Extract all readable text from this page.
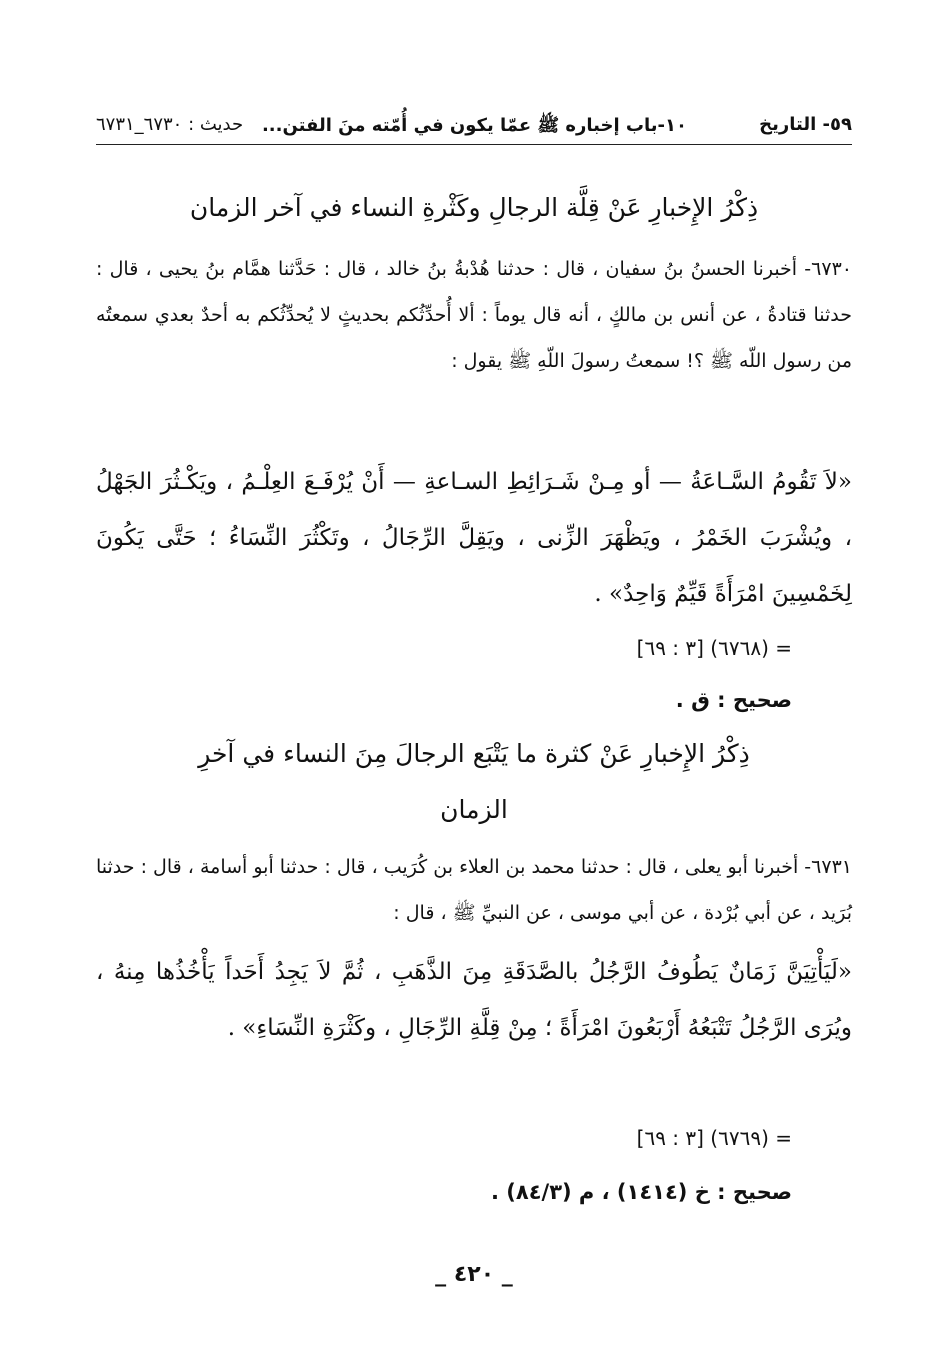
٥٩- التاريخ
١٠-باب إخباره ﷺ عمّا يكون في أُمّته منَ الفتن...
حديث : ٦٧٣٠_٦٧٣١
ذِكْرُ الإِخبارِ عَنْ قِلَّة الرجالِ وكَثْرةِ النساء في آخر الزمان
٦٧٣٠- أخبرنا الحسنُ بنُ سفيان ، قال : حدثنا هُدْبةُ بنُ خالد ، قال : حَدَّثنا همَّام بنُ يحيى ، قال : حدثنا قتادةُ ، عن أنس بن مالكٍ ، أنه قال يوماً : ألا أُحدِّثُكم بحديثٍ لا يُحدِّثُكم به أحدٌ بعدي سمعتُه من رسول اللّه ﷺ ؟! سمعتُ رسولَ اللّهِ ﷺ يقول :
«لاَ تَقُومُ السَّـاعَةُ — أو مِـنْ شَـرَائِطِ السـاعةِ — أَنْ يُرْفَـعَ العِلْـمُ ، ويَكْـثُرَ الجَهْلُ ، ويُشْرَبَ الخَمْرُ ، ويَظْهَرَ الزِّنى ، ويَقِلَّ الرِّجَالُ ، وتَكْثُرَ النِّسَاءُ ؛ حَتَّى يَكُونَ لِخَمْسِينَ امْرَأَةً قَيِّمٌ وَاحِدٌ» .
= (٦٧٦٨) [٣ : ٦٩]
صحيح : ق .
ذِكْرُ الإِخبارِ عَنْ كثرة ما يَتْبَع الرجالَ مِنَ النساء في آخرِ الزمان
٦٧٣١- أخبرنا أبو يعلى ، قال : حدثنا محمد بن العلاء بن كُرَيب ، قال : حدثنا أبو أسامة ، قال : حدثنا بُرَيد ، عن أبي بُرْدة ، عن أبي موسى ، عن النبيِّ ﷺ ، قال :
«لَيَأْتِيَنَّ زَمَانٌ يَطُوفُ الرَّجُلُ بالصَّدَقَةِ مِنَ الذَّهَبِ ، ثُمَّ لاَ يَجِدُ أَحَداً يَأْخُذُها مِنهُ ، ويُرَى الرَّجُلُ تَتْبَعُهُ أَرْبَعُونَ امْرَأَةً ؛ مِنْ قِلَّةِ الرِّجَالِ ، وكَثْرَةِ النِّسَاءِ» .
= (٦٧٦٩) [٣ : ٦٩]
صحيح : خ (١٤١٤) ، م (٨٤/٣) .
_ ٤٢٠ _
